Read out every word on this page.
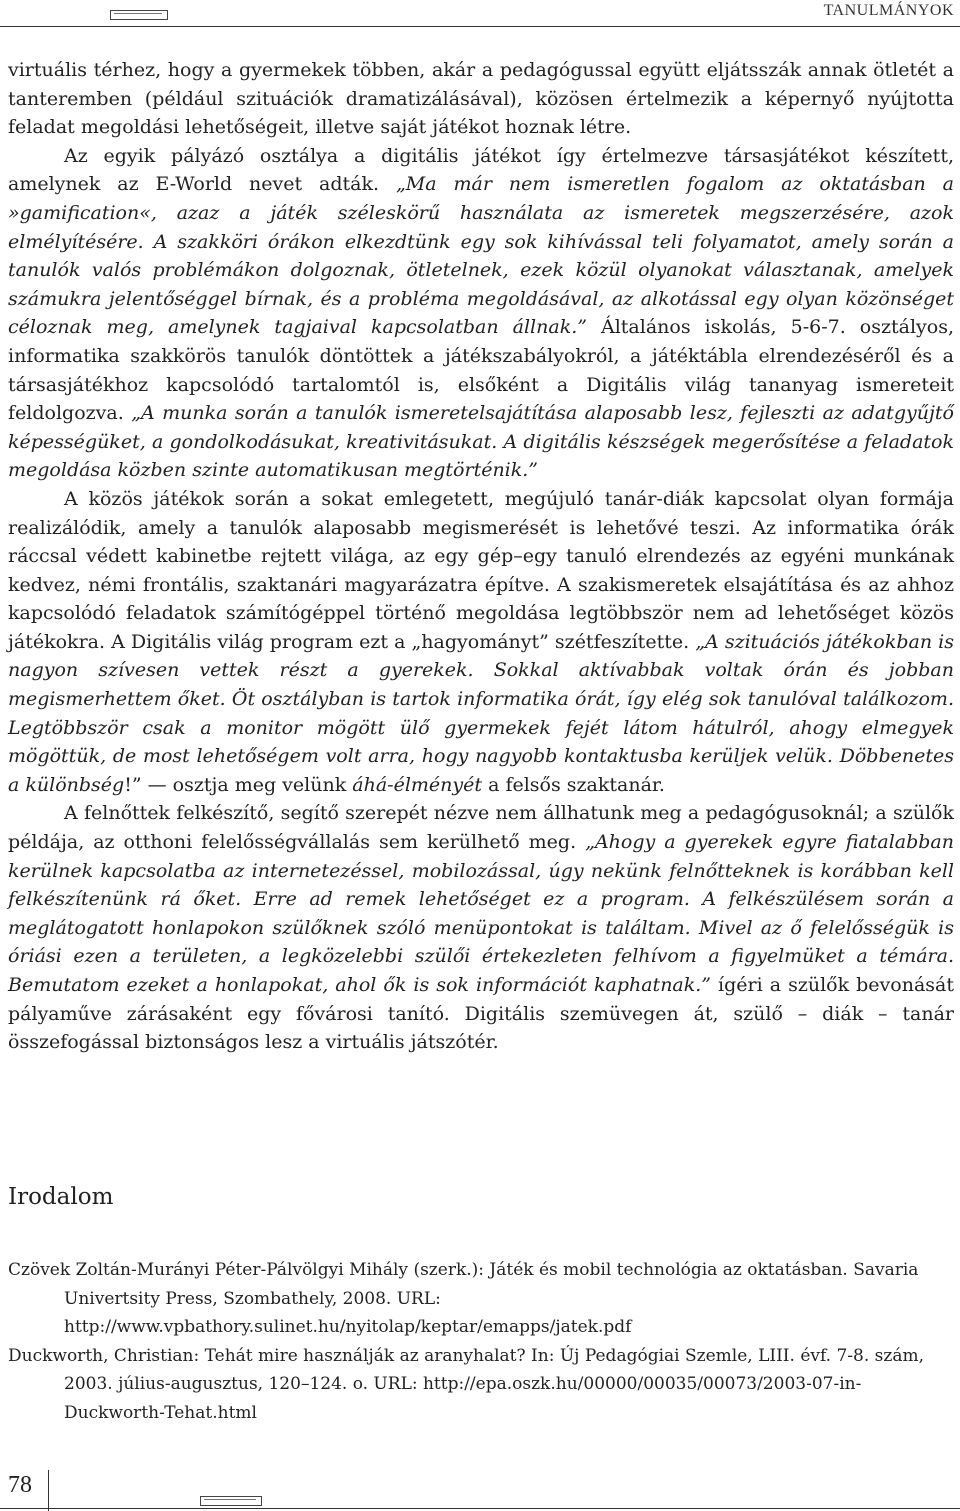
TANULMÁNYOK

virtuális térhez, hogy a gyermekek többen, akár a pedagógussal együtt eljátsszák annak ötletét a tanteremben (például szituációk dramatizálásával), közösen értelmezik a képernyő nyújtotta feladat megoldási lehetőségeit, illetve saját játékot hoznak létre.

Az egyik pályázó osztálya a digitális játékot így értelmezve társasjátékot készített, amelynek az E-World nevet adták. „Ma már nem ismeretlen fogalom az oktatásban a »gamification«, azaz a játék széleskörű használata az ismeretek megszerzésére, azok elmélyítésére. A szakköri órákon elkezdtünk egy sok kihívással teli folyamatot, amely során a tanulók valós problémákon dolgoznak, ötletelnek, ezek közül olyanokat választanak, amelyek számukra jelentőséggel bírnak, és a probléma megoldásával, az alkotással egy olyan közönséget céloznak meg, amelynek tagjaival kapcsolatban állnak.” Általános iskolás, 5-6-7. osztályos, informatika szakkörös tanulók döntöttek a játékszabályokról, a játéktábla elrendezéséről és a társasjátékhoz kapcsolódó tartalomtól is, elsőként a Digitális világ tananyag ismereteit feldolgozva. „A munka során a tanulók ismeretelsajátítása alaposabb lesz, fejleszti az adatgyűjtő képességüket, a gondolkodásukat, kreativitásukat. A digitális készségek megerősítése a feladatok megoldása közben szinte automatikusan megtörténik.”

A közös játékok során a sokat emlegetett, megújuló tanár-diák kapcsolat olyan formája realizálódik, amely a tanulók alaposabb megismerését is lehetővé teszi. Az informatika órák ráccsal védett kabinetbe rejtett világa, az egy gép–egy tanuló elrendezés az egyéni munkának kedvez, némi frontális, szaktanári magyarázatra építve. A szakismeretek elsajátítása és az ahhoz kapcsolódó feladatok számítógéppel történő megoldása legtöbbször nem ad lehetőséget közös játékokra. A Digitális világ program ezt a „hagyományt” szétfeszítette. „A szituációs játékokban is nagyon szívesen vettek részt a gyerekek. Sokkal aktívabbak voltak órán és jobban megismerhettem őket. Öt osztályban is tartok informatika órát, így elég sok tanulóval találkozom. Legtöbbször csak a monitor mögött ülő gyermekek fejét látom hátulról, ahogy elmegyek mögöttük, de most lehetőségem volt arra, hogy nagyobb kontaktusba kerüljek velük. Döbbenetes a különbség!” — osztja meg velünk áhá-élményét a felsős szaktanár.

A felnőttek felkészítő, segítő szerepét nézve nem állhatunk meg a pedagógusoknál; a szülők példája, az otthoni felelősségvállalás sem kerülhető meg. „Ahogy a gyerekek egyre fiatalabban kerülnek kapcsolatba az internetezéssel, mobilozással, úgy nekünk felnőtteknek is korábban kell felkészítenünk rá őket. Erre ad remek lehetőséget ez a program. A felkészülésem során a meglátogatott honlapokon szülőknek szóló menüpontokat is találtam. Mivel az ő felelősségük is óriási ezen a területen, a legközelebbi szülői értekezleten felhívom a figyelmüket a témára. Bemutatom ezeket a honlapokat, ahol ők is sok információt kaphatnak.” ígéri a szülők bevonását pályaműve zárásaként egy fővárosi tanító. Digitális szemüvegen át, szülő – diák – tanár összefogással biztonságos lesz a virtuális játszótér.

Irodalom

Czövek Zoltán-Murányi Péter-Pálvölgyi Mihály (szerk.): Játék és mobil technológia az oktatásban. Savaria Univertsity Press, Szombathely, 2008. URL: http://www.vpbathory.sulinet.hu/nyitolap/keptar/emapps/jatek.pdf

Duckworth, Christian: Tehát mire használják az aranyhalat? In: Új Pedagógiai Szemle, LIII. évf. 7-8. szám, 2003. július-augusztus, 120–124. o. URL: http://epa.oszk.hu/00000/00035/00073/2003-07-in-Duckworth-Tehat.html

78
